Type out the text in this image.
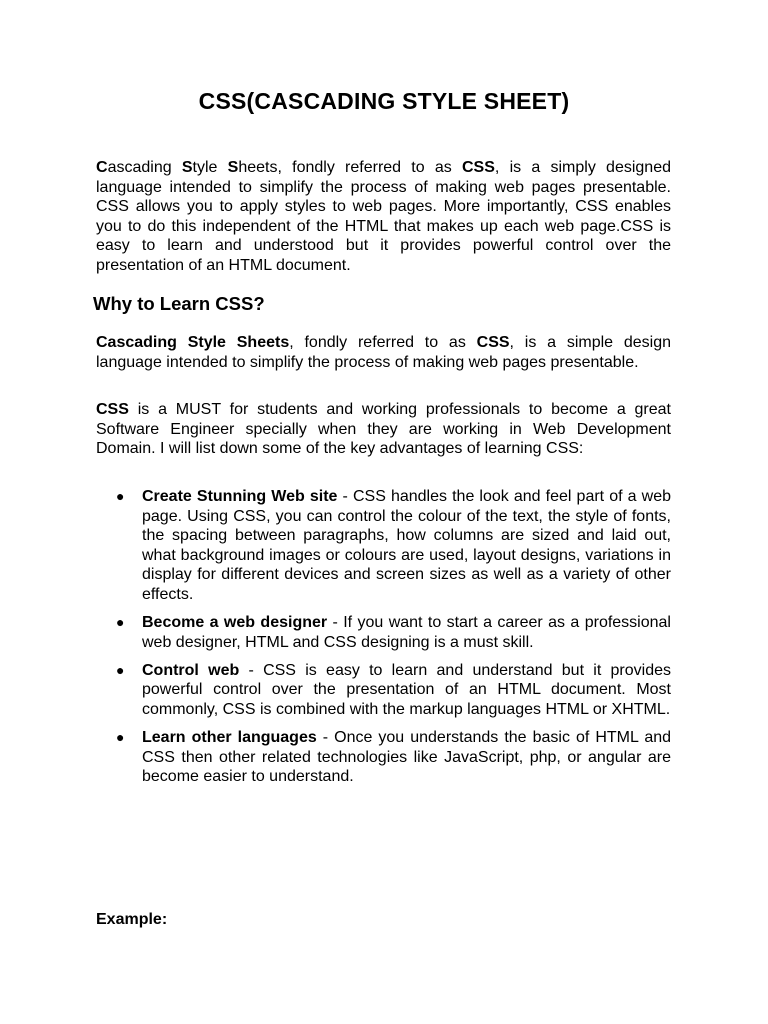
CSS(CASCADING STYLE SHEET)

Cascading Style Sheets, fondly referred to as CSS, is a simply designed language intended to simplify the process of making web pages presentable. CSS allows you to apply styles to web pages. More importantly, CSS enables you to do this independent of the HTML that makes up each web page.CSS is easy to learn and understood but it provides powerful control over the presentation of an HTML document.

Why to Learn CSS?

Cascading Style Sheets, fondly referred to as CSS, is a simple design language intended to simplify the process of making web pages presentable.

CSS is a MUST for students and working professionals to become a great Software Engineer specially when they are working in Web Development Domain. I will list down some of the key advantages of learning CSS:

● Create Stunning Web site - CSS handles the look and feel part of a web page. Using CSS, you can control the colour of the text, the style of fonts, the spacing between paragraphs, how columns are sized and laid out, what background images or colours are used, layout designs, variations in display for different devices and screen sizes as well as a variety of other effects.
● Become a web designer - If you want to start a career as a professional web designer, HTML and CSS designing is a must skill.
● Control web - CSS is easy to learn and understand but it provides powerful control over the presentation of an HTML document. Most commonly, CSS is combined with the markup languages HTML or XHTML.
● Learn other languages - Once you understands the basic of HTML and CSS then other related technologies like JavaScript, php, or angular are become easier to understand.

Example:
